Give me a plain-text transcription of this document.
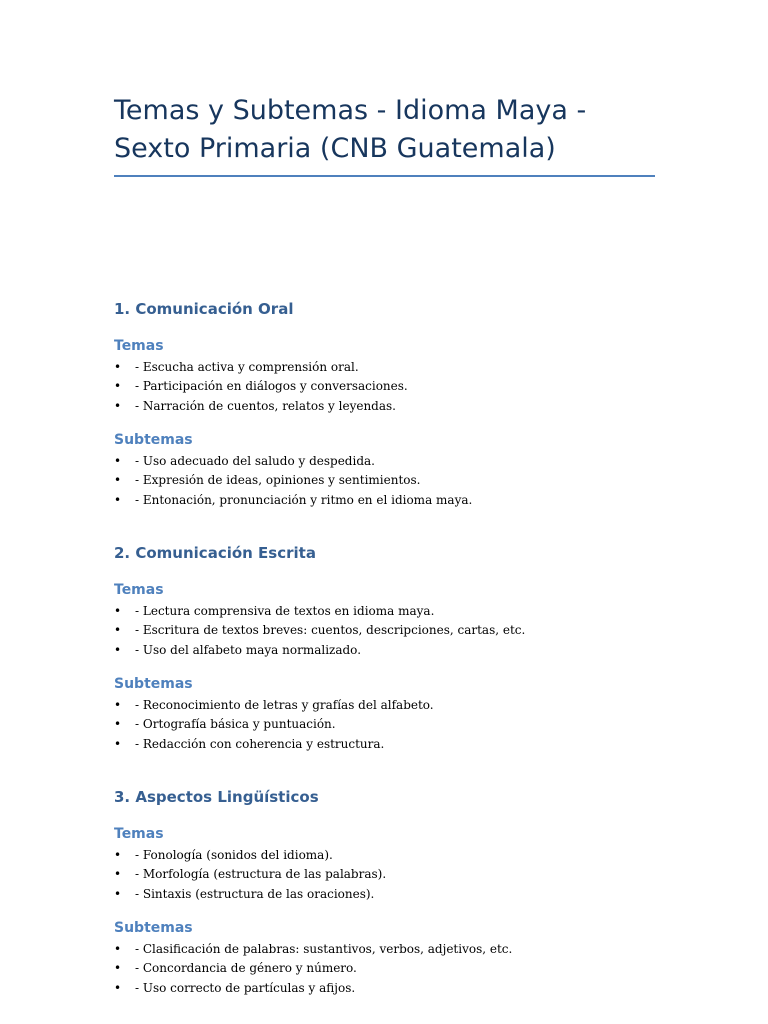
Temas y Subtemas - Idioma Maya -
Sexto Primaria (CNB Guatemala)
1. Comunicación Oral
Temas
• - Escucha activa y comprensión oral.
• - Participación en diálogos y conversaciones.
• - Narración de cuentos, relatos y leyendas.
Subtemas
• - Uso adecuado del saludo y despedida.
• - Expresión de ideas, opiniones y sentimientos.
• - Entonación, pronunciación y ritmo en el idioma maya.
2. Comunicación Escrita
Temas
• - Lectura comprensiva de textos en idioma maya.
• - Escritura de textos breves: cuentos, descripciones, cartas, etc.
• - Uso del alfabeto maya normalizado.
Subtemas
• - Reconocimiento de letras y grafías del alfabeto.
• - Ortografía básica y puntuación.
• - Redacción con coherencia y estructura.
3. Aspectos Lingüísticos
Temas
• - Fonología (sonidos del idioma).
• - Morfología (estructura de las palabras).
• - Sintaxis (estructura de las oraciones).
Subtemas
• - Clasificación de palabras: sustantivos, verbos, adjetivos, etc.
• - Concordancia de género y número.
• - Uso correcto de partículas y afijos.
